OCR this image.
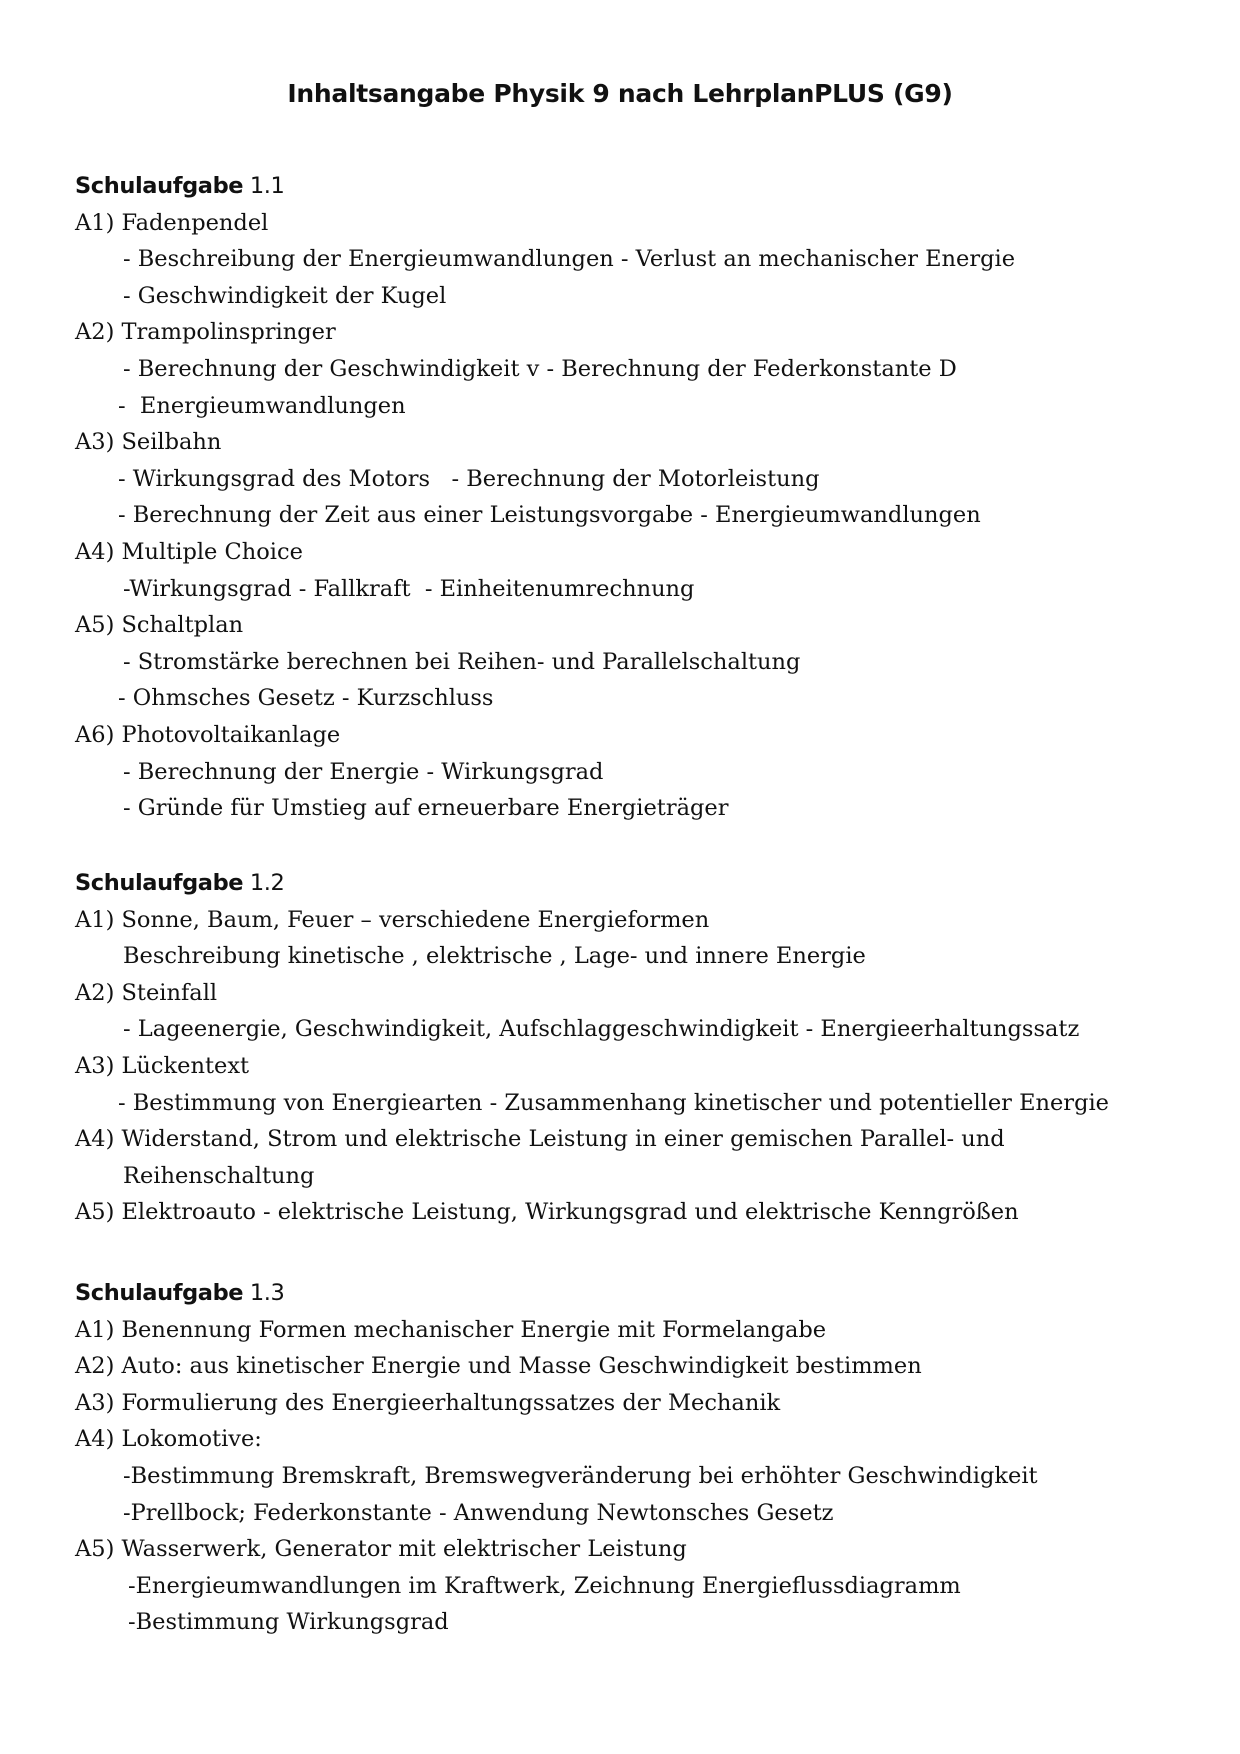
Inhaltsangabe Physik 9 nach LehrplanPLUS (G9)
Schulaufgabe 1.1
A1) Fadenpendel
- Beschreibung der Energieumwandlungen - Verlust an mechanischer Energie
- Geschwindigkeit der Kugel
A2) Trampolinspringer
- Berechnung der Geschwindigkeit v - Berechnung der Federkonstante D
-  Energieumwandlungen
A3) Seilbahn
- Wirkungsgrad des Motors   - Berechnung der Motorleistung
- Berechnung der Zeit aus einer Leistungsvorgabe - Energieumwandlungen
A4) Multiple Choice
-Wirkungsgrad - Fallkraft  - Einheitenumrechnung
A5) Schaltplan
- Stromstärke berechnen bei Reihen- und Parallelschaltung
- Ohmsches Gesetz - Kurzschluss
A6) Photovoltaikanlage
- Berechnung der Energie - Wirkungsgrad
- Gründe für Umstieg auf erneuerbare Energieträger
Schulaufgabe 1.2
A1) Sonne, Baum, Feuer – verschiedene Energieformen
Beschreibung kinetische , elektrische , Lage- und innere Energie
A2) Steinfall
- Lageenergie, Geschwindigkeit, Aufschlaggeschwindigkeit - Energieerhaltungssatz
A3) Lückentext
- Bestimmung von Energiearten - Zusammenhang kinetischer und potentieller Energie
A4) Widerstand, Strom und elektrische Leistung in einer gemischen Parallel- und
Reihenschaltung
A5) Elektroauto - elektrische Leistung, Wirkungsgrad und elektrische Kenngrößen
Schulaufgabe 1.3
A1) Benennung Formen mechanischer Energie mit Formelangabe
A2) Auto: aus kinetischer Energie und Masse Geschwindigkeit bestimmen
A3) Formulierung des Energieerhaltungssatzes der Mechanik
A4) Lokomotive:
-Bestimmung Bremskraft, Bremswegveränderung bei erhöhter Geschwindigkeit
-Prellbock; Federkonstante - Anwendung Newtonsches Gesetz
A5) Wasserwerk, Generator mit elektrischer Leistung
-Energieumwandlungen im Kraftwerk, Zeichnung Energieflussdiagramm
-Bestimmung Wirkungsgrad
